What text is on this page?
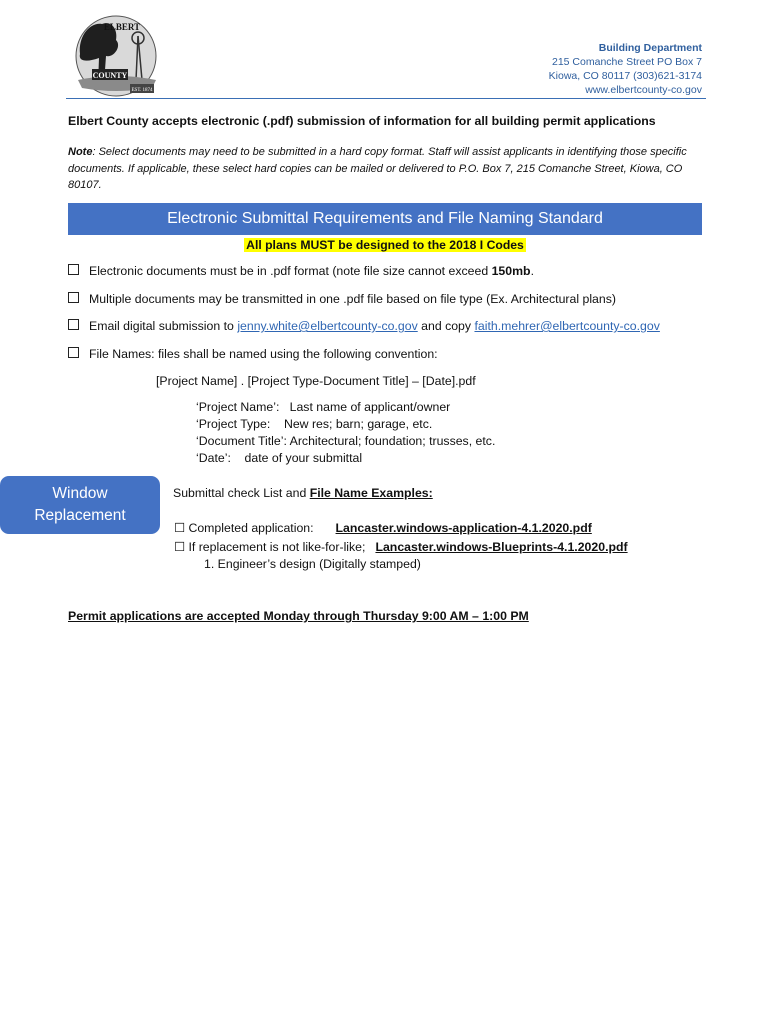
ELBERT
COUNTY
EST. 1874
Building Department
215 Comanche Street PO Box 7
Kiowa, CO 80117 (303)621-3174
www.elbertcounty-co.gov
Elbert County accepts electronic (.pdf) submission of information for all building permit applications
Note: Select documents may need to be submitted in a hard copy format. Staff will assist applicants in identifying those specific documents. If applicable, these select hard copies can be mailed or delivered to P.O. Box 7, 215 Comanche Street, Kiowa, CO 80107.
Electronic Submittal Requirements and File Naming Standard
All plans MUST be designed to the 2018 I Codes
Electronic documents must be in .pdf format (note file size cannot exceed 150mb.
Multiple documents may be transmitted in one .pdf file based on file type (Ex. Architectural plans)
Email digital submission to jenny.white@elbertcounty-co.gov and copy faith.mehrer@elbertcounty-co.gov
File Names: files shall be named using the following convention:
[Project Name] . [Project Type-Document Title] – [Date].pdf
‘Project Name’:   Last name of applicant/owner
‘Project Type:    New res; barn; garage, etc.
‘Document Title’: Architectural; foundation; trusses, etc.
‘Date’:    date of your submittal
Window
Replacement
Submittal check List and File Name Examples:
☐ Completed application: Lancaster.windows-application-4.1.2020.pdf
☐ If replacement is not like-for-like; Lancaster.windows-Blueprints-4.1.2020.pdf
1. Engineer’s design (Digitally stamped)
Permit applications are accepted Monday through Thursday 9:00 AM – 1:00 PM
